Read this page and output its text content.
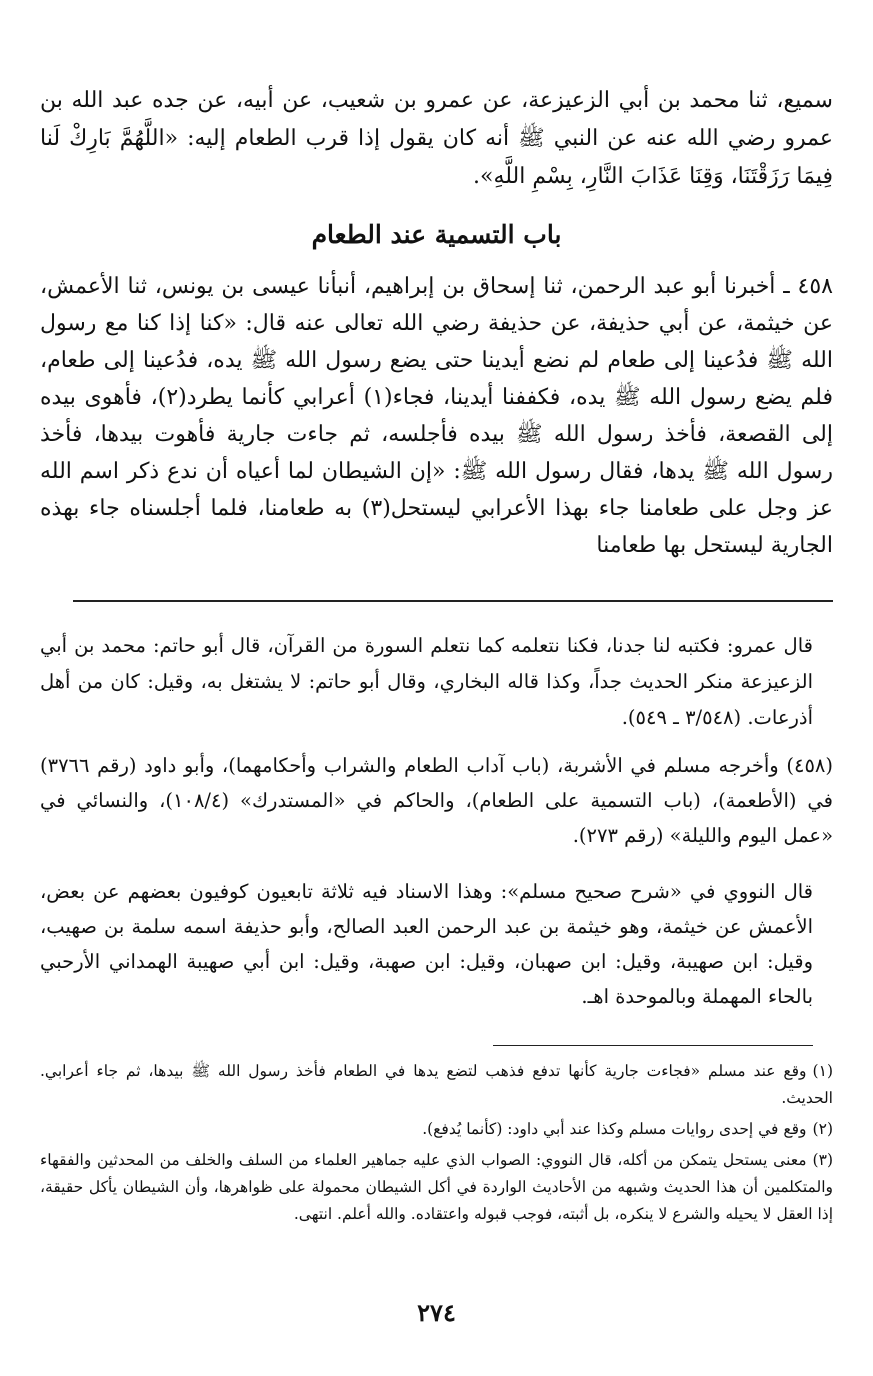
سميع، ثنا محمد بن أبي الزعيزعة، عن عمرو بن شعيب، عن أبيه، عن جده عبد الله بن عمرو رضي الله عنه عن النبي ﷺ أنه كان يقول إذا قرب الطعام إليه: «اللَّهُمَّ بَارِكْ لَنا فِيمَا رَزَقْتَنَا، وَقِنَا عَذَابَ النَّارِ، بِسْمِ اللَّهِ».

باب التسمية عند الطعام

٤٥٨ ـ أخبرنا أبو عبد الرحمن، ثنا إسحاق بن إبراهيم، أنبأنا عيسى بن يونس، ثنا الأعمش، عن خيثمة، عن أبي حذيفة، عن حذيفة رضي الله تعالى عنه قال: «كنا إذا كنا مع رسول الله ﷺ فدُعينا إلى طعام لم نضع أيدينا حتى يضع رسول الله ﷺ يده، فدُعينا إلى طعام، فلم يضع رسول الله ﷺ يده، فكففنا أيدينا، فجاء(١) أعرابي كأنما يطرد(٢)، فأهوى بيده إلى القصعة، فأخذ رسول الله ﷺ بيده فأجلسه، ثم جاءت جارية فأهوت بيدها، فأخذ رسول الله ﷺ يدها، فقال رسول الله ﷺ: «إن الشيطان لما أعياه أن ندع ذكر اسم الله عز وجل على طعامنا جاء بهذا الأعرابي ليستحل(٣) به طعامنا، فلما أجلسناه جاء بهذه الجارية ليستحل بها طعامنا

قال عمرو: فكتبه لنا جدنا، فكنا نتعلمه كما نتعلم السورة من القرآن، قال أبو حاتم: محمد بن أبي الزعيزعة منكر الحديث جداً، وكذا قاله البخاري، وقال أبو حاتم: لا يشتغل به، وقيل: كان من أهل أذرعات. (٣/٥٤٨ ـ ٥٤٩).

(٤٥٨) وأخرجه مسلم في الأشربة، (باب آداب الطعام والشراب وأحكامهما)، وأبو داود (رقم ٣٧٦٦) في (الأطعمة)، (باب التسمية على الطعام)، والحاكم في «المستدرك» (١٠٨/٤)، والنسائي في «عمل اليوم والليلة» (رقم ٢٧٣).

قال النووي في «شرح صحيح مسلم»: وهذا الاسناد فيه ثلاثة تابعيون كوفيون بعضهم عن بعض، الأعمش عن خيثمة، وهو خيثمة بن عبد الرحمن العبد الصالح، وأبو حذيفة اسمه سلمة بن صهيب، وقيل: ابن صهيبة، وقيل: ابن صهبان، وقيل: ابن صهبة، وقيل: ابن أبي صهيبة الهمداني الأرحبي بالحاء المهملة وبالموحدة اهـ.

(١)وقع عند مسلم «فجاءت جارية كأنها تدفع فذهب لتضع يدها في الطعام فأخذ رسول الله ﷺ بيدها، ثم جاء أعرابي. الحديث.
(٢)وقع في إحدى روايات مسلم وكذا عند أبي داود: (كأنما يُدفع).
(٣)معنى يستحل يتمكن من أكله، قال النووي: الصواب الذي عليه جماهير العلماء من السلف والخلف من المحدثين والفقهاء والمتكلمين أن هذا الحديث وشبهه من الأحاديث الواردة في أكل الشيطان محمولة على ظواهرها، وأن الشيطان يأكل حقيقة، إذا العقل لا يحيله والشرع لا ينكره، بل أثبته، فوجب قبوله واعتقاده. والله أعلم. انتهى.
٢٧٤
